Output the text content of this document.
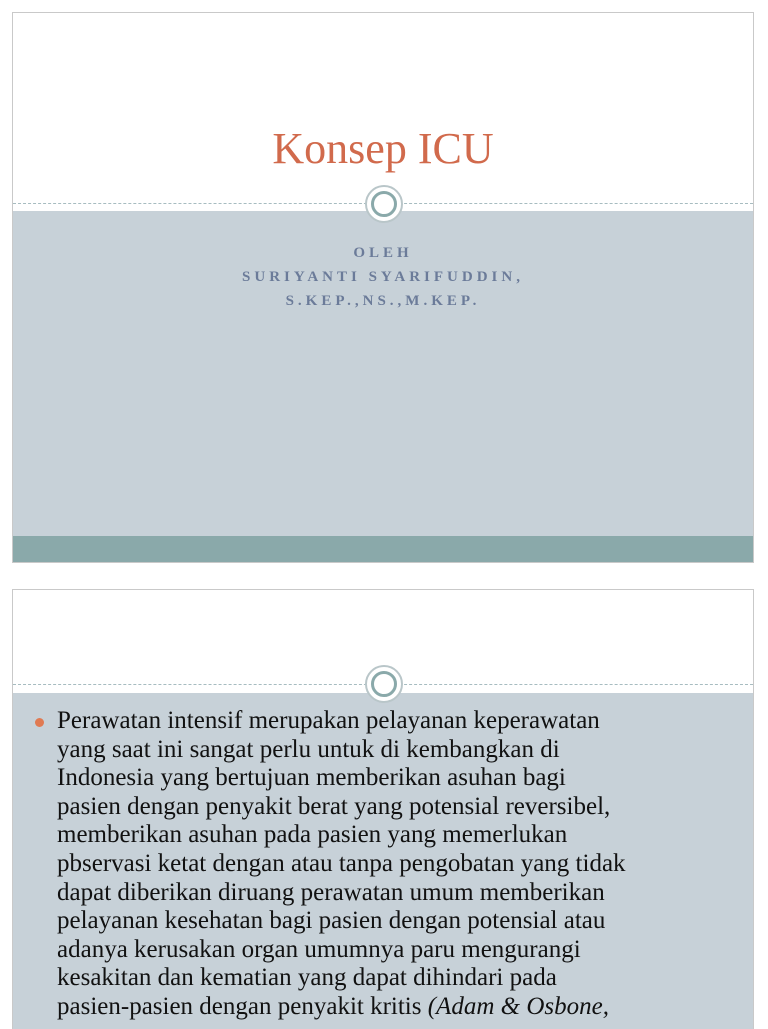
Konsep ICU
OLEH
SURIYANTI SYARIFUDDIN,
S.KEP.,NS.,M.KEP.
Perawatan intensif merupakan pelayanan keperawatan
yang saat ini sangat perlu untuk di kembangkan di
Indonesia yang bertujuan memberikan asuhan bagi
pasien dengan penyakit berat yang potensial reversibel,
memberikan asuhan pada pasien yang memerlukan
pbservasi ketat dengan atau tanpa pengobatan yang tidak
dapat diberikan diruang perawatan umum memberikan
pelayanan kesehatan bagi pasien dengan potensial atau
adanya kerusakan organ umumnya paru mengurangi
kesakitan dan kematian yang dapat dihindari pada
pasien-pasien dengan penyakit kritis (Adam & Osbone,
